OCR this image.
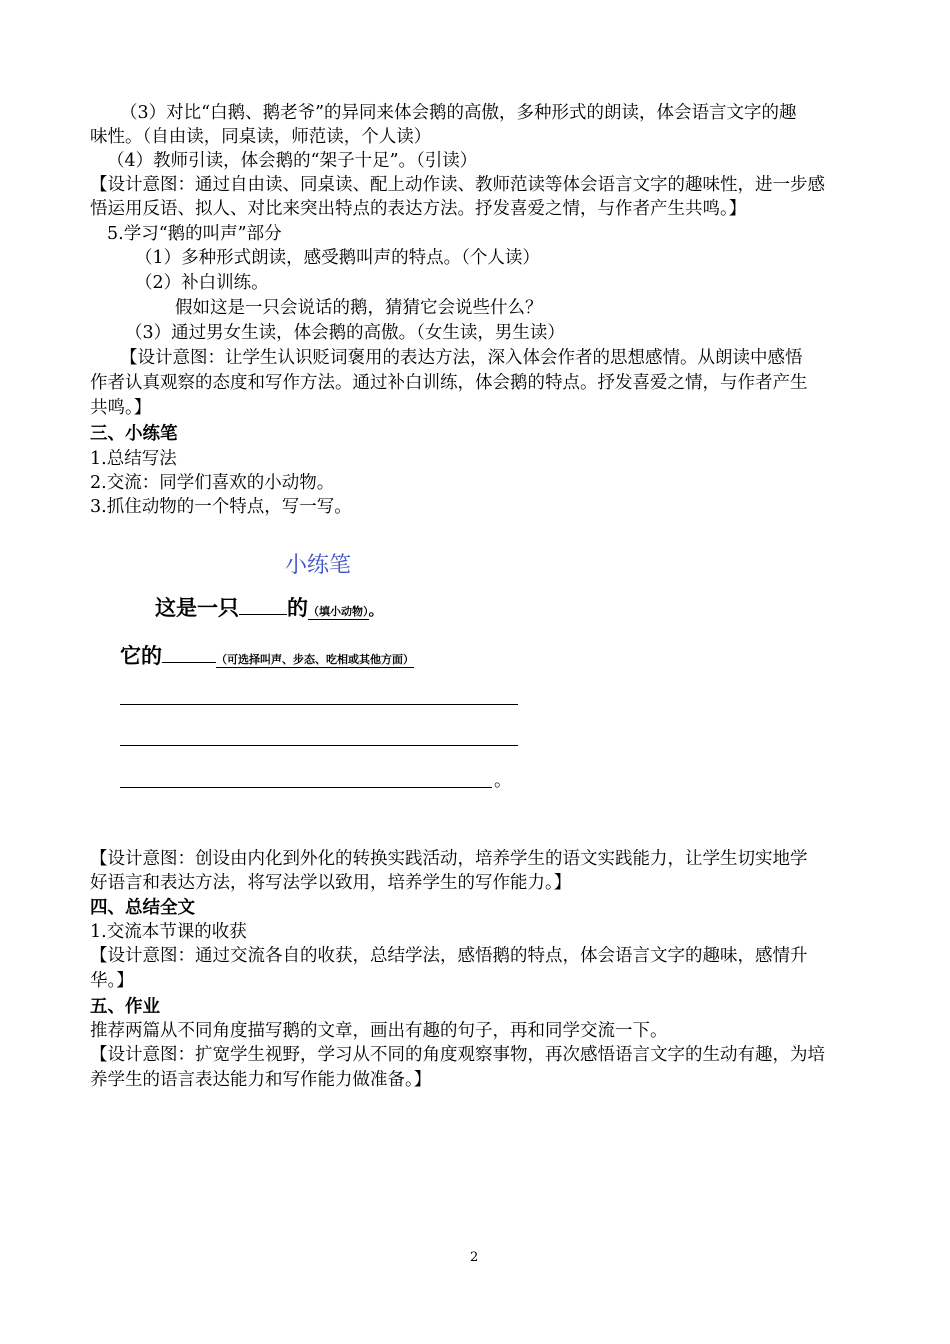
（3）对比“白鹅、鹅老爷”的异同来体会鹅的高傲，多种形式的朗读，体会语言文字的趣
味性。（自由读，同桌读，师范读，个人读）
（4）教师引读，体会鹅的“架子十足”。（引读）
【设计意图：通过自由读、同桌读、配上动作读、教师范读等体会语言文字的趣味性，进一步感
悟运用反语、拟人、对比来突出特点的表达方法。抒发喜爱之情，与作者产生共鸣。】
5.学习“鹅的叫声”部分
（1）多种形式朗读，感受鹅叫声的特点。（个人读）
（2）补白训练。
假如这是一只会说话的鹅，猜猜它会说些什么？
（3）通过男女生读，体会鹅的高傲。（女生读，男生读）
【设计意图：让学生认识贬词褒用的表达方法，深入体会作者的思想感情。从朗读中感悟
作者认真观察的态度和写作方法。通过补白训练，体会鹅的特点。抒发喜爱之情，与作者产生
共鸣。】
三、小练笔
1.总结写法
2.交流：同学们喜欢的小动物。
3.抓住动物的一个特点，写一写。
小练笔
这是一只 的（填小动物）。
它的	（可选择叫声、步态、吃相或其他方面）
。
【设计意图：创设由内化到外化的转换实践活动，培养学生的语文实践能力，让学生切实地学
好语言和表达方法，将写法学以致用，培养学生的写作能力。】
四、总结全文
1.交流本节课的收获
【设计意图：通过交流各自的收获，总结学法，感悟鹅的特点，体会语言文字的趣味，感情升
华。】
五、作业
推荐两篇从不同角度描写鹅的文章，画出有趣的句子，再和同学交流一下。
【设计意图：扩宽学生视野，学习从不同的角度观察事物，再次感悟语言文字的生动有趣，为培
养学生的语言表达能力和写作能力做准备。】
2
